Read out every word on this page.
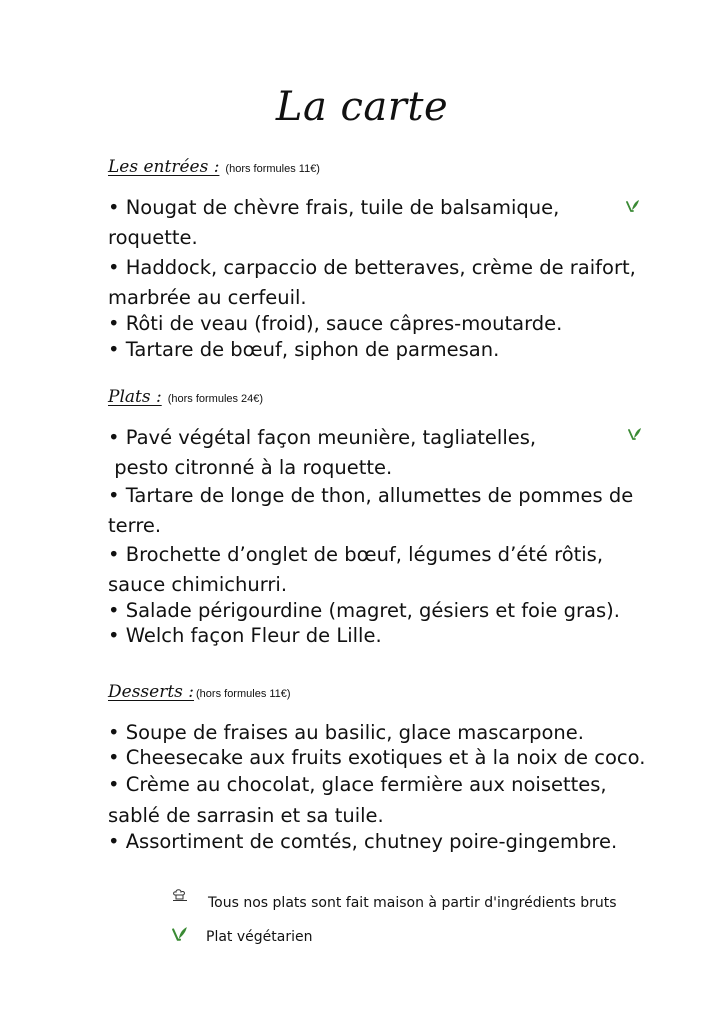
La carte
Les entrées : (hors formules 11€)
• Nougat de chèvre frais, tuile de balsamique,
roquette.
• Haddock, carpaccio de betteraves, crème de raifort,
marbrée au cerfeuil.
• Rôti de veau (froid), sauce câpres-moutarde.
• Tartare de bœuf, siphon de parmesan.
Plats : (hors formules 24€)
• Pavé végétal façon meunière, tagliatelles,
pesto citronné à la roquette.
• Tartare de longe de thon, allumettes de pommes de
terre.
• Brochette d’onglet de bœuf, légumes d’été rôtis,
sauce chimichurri.
• Salade périgourdine (magret, gésiers et foie gras).
• Welch façon Fleur de Lille.
Desserts : (hors formules 11€)
• Soupe de fraises au basilic, glace mascarpone.
• Cheesecake aux fruits exotiques et à la noix de coco.
• Crème au chocolat, glace fermière aux noisettes,
sablé de sarrasin et sa tuile.
• Assortiment de comtés, chutney poire-gingembre.
Tous nos plats sont fait maison à partir d'ingrédients bruts
Plat végétarien
